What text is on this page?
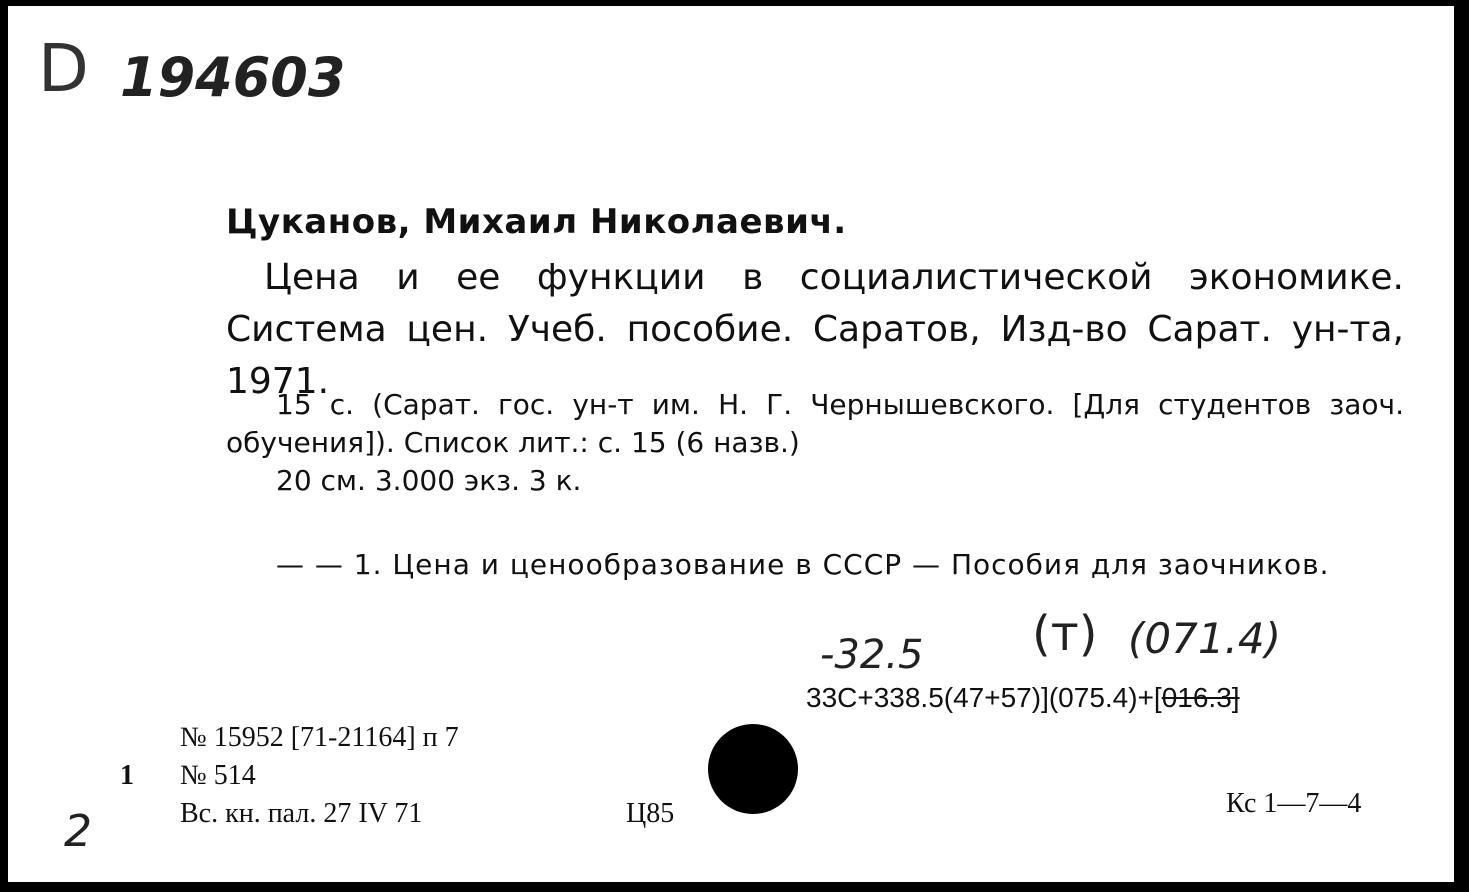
D 194603
Цуканов, Михаил Николаевич.
Цена и ее функции в социалистической экономике. Система цен. Учеб. пособие. Саратов, Изд-во Сарат. ун-та, 1971.
15 с. (Сарат. гос. ун-т им. Н. Г. Чернышевского. [Для студентов заоч. обучения]). Список лит.: с. 15 (6 назв.)
20 см. 3.000 экз. 3 к.
— — 1. Цена и ценообразование в СССР — Пособия для заочников.
-32.5 (т) (071.4)
33С+338.5(47+57)](075.4)+[016.3]
№ 15952 [71-21164] п 7
1 № 514
Вс. кн. пал. 27 IV 71	Ц85	Кс 1—7—4
2
